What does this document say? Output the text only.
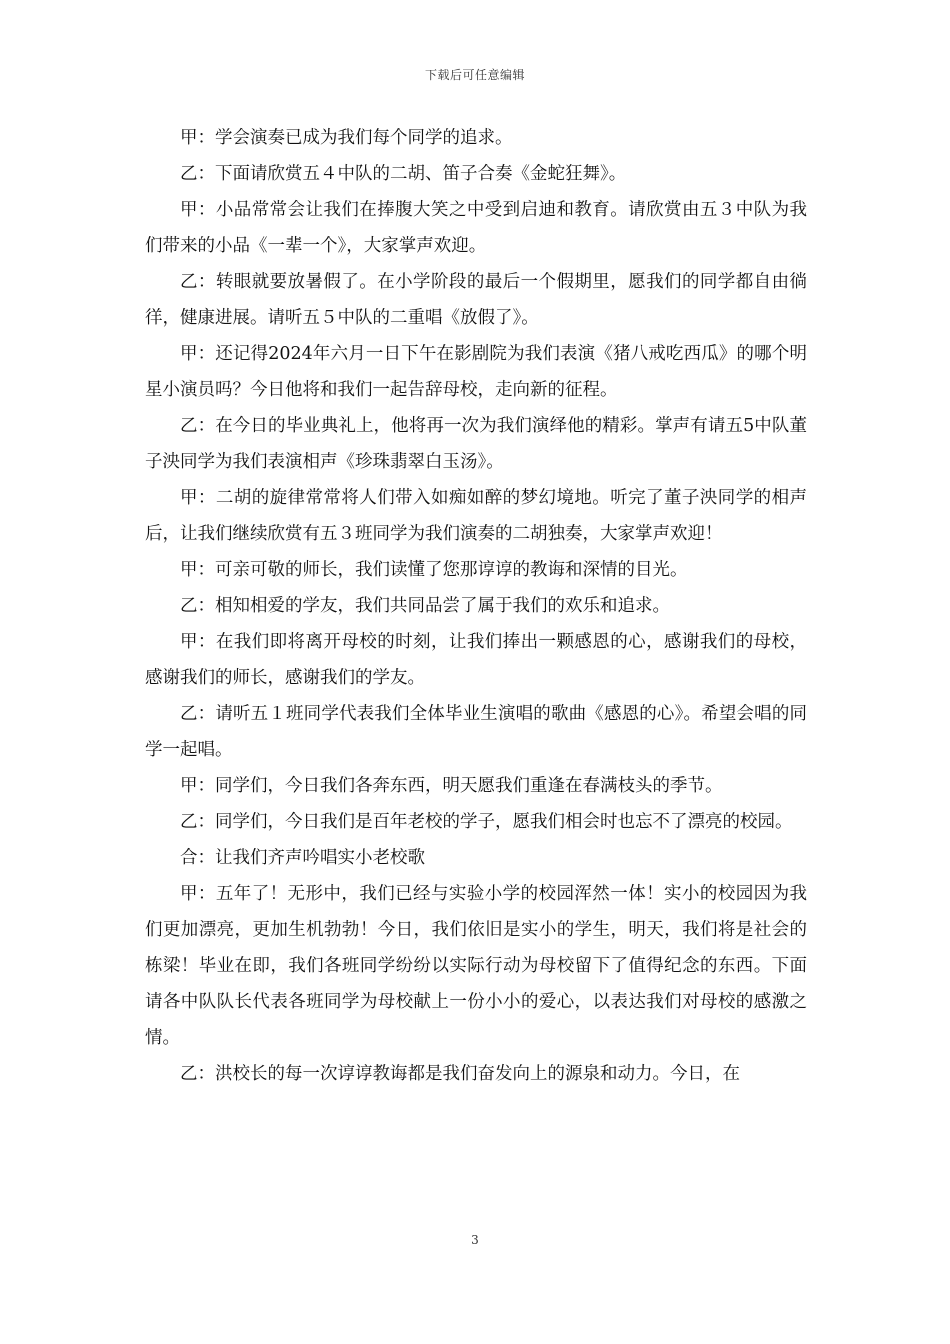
下载后可任意编辑

甲：学会演奏已成为我们每个同学的追求。

乙：下面请欣赏五４中队的二胡、笛子合奏《金蛇狂舞》。

甲：小品常常会让我们在捧腹大笑之中受到启迪和教育。请欣赏由五３中队为我们带来的小品《一辈一个》，大家掌声欢迎。

乙：转眼就要放暑假了。在小学阶段的最后一个假期里，愿我们的同学都自由徜徉，健康进展。请听五５中队的二重唱《放假了》。

甲：还记得2024年六月一日下午在影剧院为我们表演《猪八戒吃西瓜》的哪个明星小演员吗？今日他将和我们一起告辞母校，走向新的征程。

乙：在今日的毕业典礼上，他将再一次为我们演绎他的精彩。掌声有请五5中队董子泱同学为我们表演相声《珍珠翡翠白玉汤》。

甲：二胡的旋律常常将人们带入如痴如醉的梦幻境地。听完了董子泱同学的相声后，让我们继续欣赏有五３班同学为我们演奏的二胡独奏，大家掌声欢迎！

甲：可亲可敬的师长，我们读懂了您那谆谆的教诲和深情的目光。

乙：相知相爱的学友，我们共同品尝了属于我们的欢乐和追求。

甲：在我们即将离开母校的时刻，让我们捧出一颗感恩的心，感谢我们的母校，感谢我们的师长，感谢我们的学友。

乙：请听五１班同学代表我们全体毕业生演唱的歌曲《感恩的心》。希望会唱的同学一起唱。

甲：同学们，今日我们各奔东西，明天愿我们重逢在春满枝头的季节。

乙：同学们，今日我们是百年老校的学子，愿我们相会时也忘不了漂亮的校园。

合：让我们齐声吟唱实小老校歌

甲：五年了！无形中，我们已经与实验小学的校园浑然一体！实小的校园因为我们更加漂亮，更加生机勃勃！今日，我们依旧是实小的学生，明天，我们将是社会的栋梁！毕业在即，我们各班同学纷纷以实际行动为母校留下了值得纪念的东西。下面请各中队队长代表各班同学为母校献上一份小小的爱心，以表达我们对母校的感激之情。

乙：洪校长的每一次谆谆教诲都是我们奋发向上的源泉和动力。今日，在

3
